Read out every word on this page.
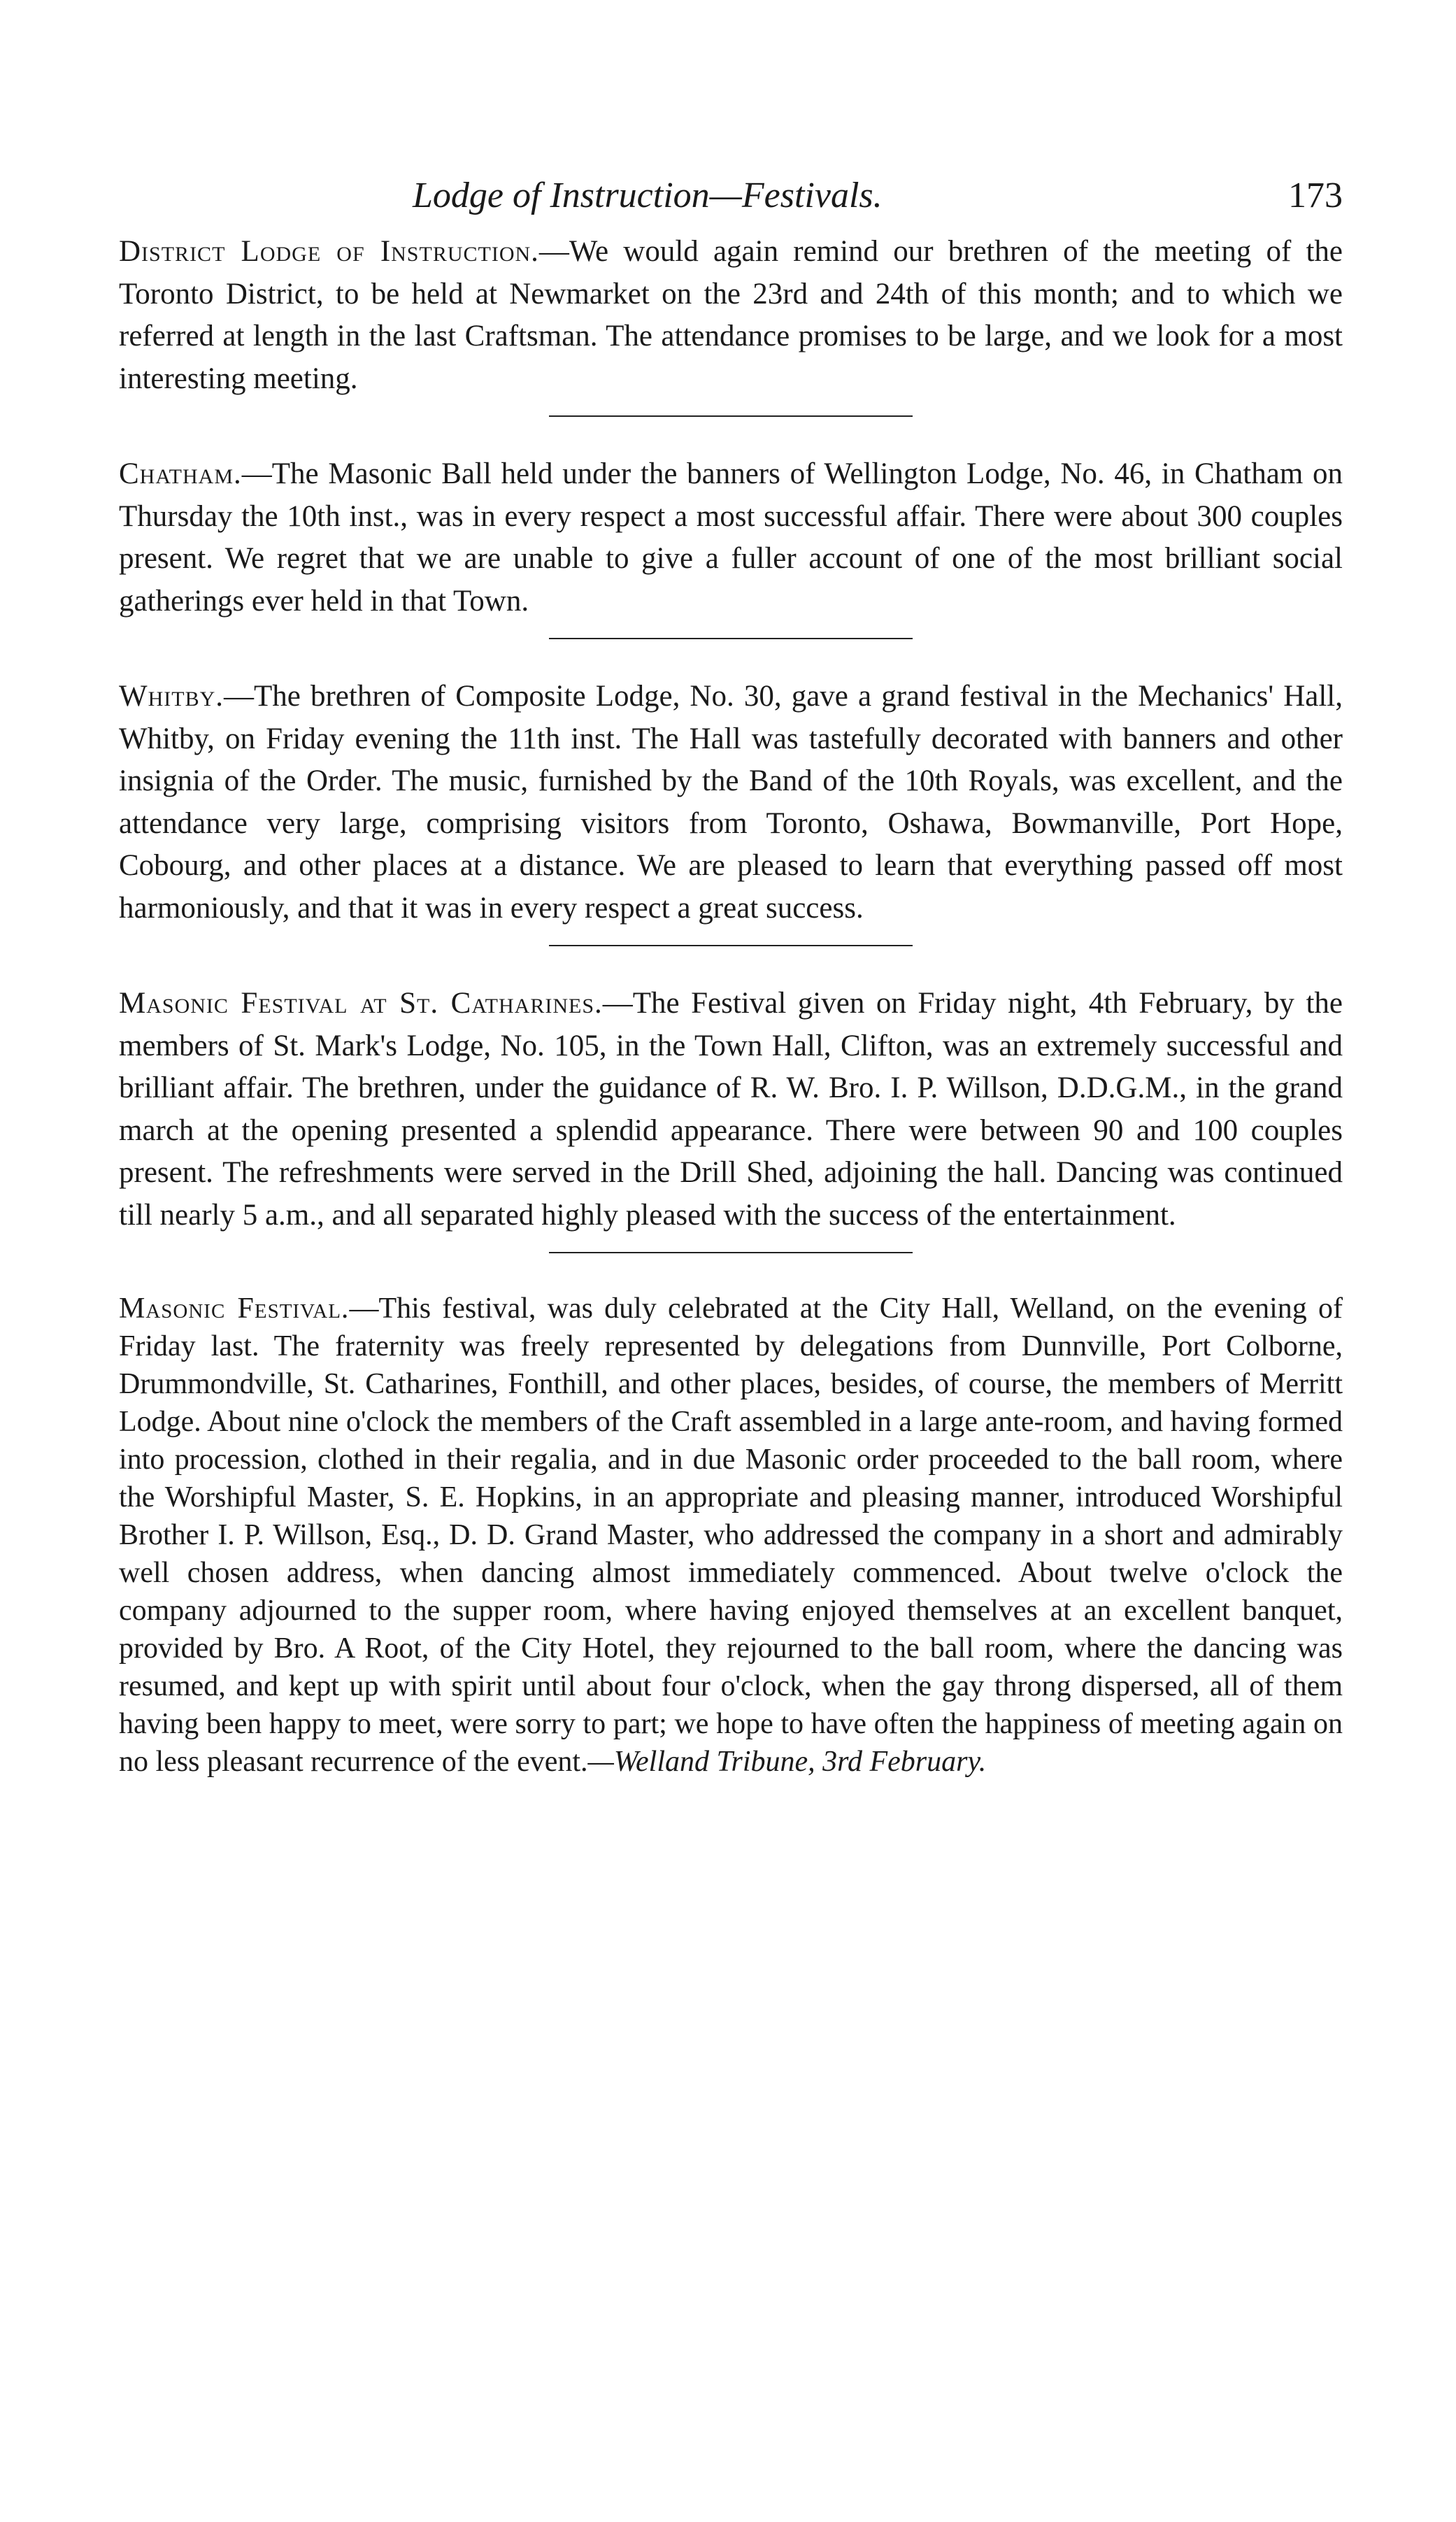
Lodge of Instruction—Festivals.	173

District Lodge of Instruction.—We would again remind our brethren of the meeting of the Toronto District, to be held at Newmarket on the 23rd and 24th of this month; and to which we referred at length in the last Craftsman. The attendance promises to be large, and we look for a most interesting meeting.

Chatham.—The Masonic Ball held under the banners of Wellington Lodge, No. 46, in Chatham on Thursday the 10th inst., was in every respect a most successful affair. There were about 300 couples present. We regret that we are unable to give a fuller account of one of the most brilliant social gatherings ever held in that Town.

Whitby.—The brethren of Composite Lodge, No. 30, gave a grand festival in the Mechanics' Hall, Whitby, on Friday evening the 11th inst. The Hall was tastefully decorated with banners and other insignia of the Order. The music, furnished by the Band of the 10th Royals, was excellent, and the attendance very large, comprising visitors from Toronto, Oshawa, Bowmanville, Port Hope, Cobourg, and other places at a distance. We are pleased to learn that everything passed off most harmoniously, and that it was in every respect a great success.

Masonic Festival at St. Catharines.—The Festival given on Friday night, 4th February, by the members of St. Mark's Lodge, No. 105, in the Town Hall, Clifton, was an extremely successful and brilliant affair. The brethren, under the guidance of R. W. Bro. I. P. Willson, D.D.G.M., in the grand march at the opening presented a splendid appearance. There were between 90 and 100 couples present. The refreshments were served in the Drill Shed, adjoining the hall. Dancing was continued till nearly 5 a.m., and all separated highly pleased with the success of the entertainment.

Masonic Festival.—This festival, was duly celebrated at the City Hall, Welland, on the evening of Friday last. The fraternity was freely represented by delegations from Dunnville, Port Colborne, Drummondville, St. Catharines, Fonthill, and other places, besides, of course, the members of Merritt Lodge. About nine o'clock the members of the Craft assembled in a large ante-room, and having formed into procession, clothed in their regalia, and in due Masonic order proceeded to the ball room, where the Worshipful Master, S. E. Hopkins, in an appropriate and pleasing manner, introduced Worshipful Brother I. P. Willson, Esq., D. D. Grand Master, who addressed the company in a short and admirably well chosen address, when dancing almost immediately commenced. About twelve o'clock the company adjourned to the supper room, where having enjoyed themselves at an excellent banquet, provided by Bro. A Root, of the City Hotel, they rejourned to the ball room, where the dancing was resumed, and kept up with spirit until about four o'clock, when the gay throng dispersed, all of them having been happy to meet, were sorry to part; we hope to have often the happiness of meeting again on no less pleasant recurrence of the event.—Welland Tribune, 3rd February.
